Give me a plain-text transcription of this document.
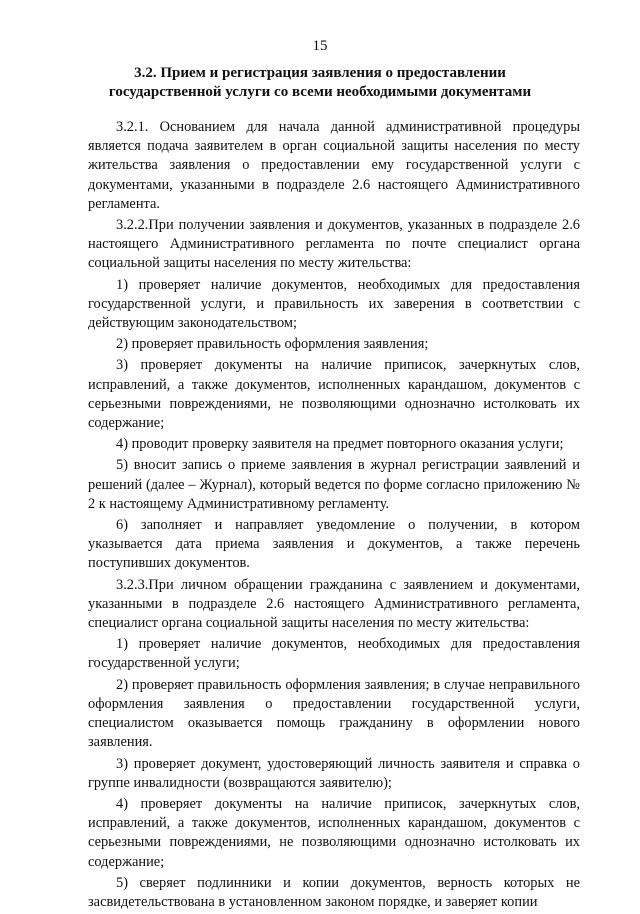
15
3.2. Прием и регистрация заявления о предоставлении
государственной услуги со всеми необходимыми документами

3.2.1. Основанием для начала данной административной процедуры является подача заявителем в орган социальной защиты населения по месту жительства заявления о предоставлении ему государственной услуги с документами, указанными в подразделе 2.6 настоящего Административного регламента.

3.2.2.При получении заявления и документов, указанных в подразделе 2.6 настоящего Административного регламента по почте специалист органа социальной защиты населения по месту жительства:

1) проверяет наличие документов, необходимых для предоставления государственной услуги, и правильность их заверения в соответствии с действующим законодательством;

2) проверяет правильность оформления заявления;

3) проверяет документы на наличие приписок, зачеркнутых слов, исправлений, а также документов, исполненных карандашом, документов с серьезными повреждениями, не позволяющими однозначно истолковать их содержание;

4) проводит проверку заявителя на предмет повторного оказания услуги;

5) вносит запись о приеме заявления в журнал регистрации заявлений и решений (далее – Журнал), который ведется по форме согласно приложению № 2 к настоящему Административному регламенту.

6) заполняет и направляет уведомление о получении, в котором указывается дата приема заявления и документов, а также перечень поступивших документов.

3.2.3.При личном обращении гражданина с заявлением и документами, указанными в подразделе 2.6 настоящего Административного регламента, специалист органа социальной защиты населения по месту жительства:

1) проверяет наличие документов, необходимых для предоставления государственной услуги;

2) проверяет правильность оформления заявления; в случае неправильного оформления заявления о предоставлении государственной услуги, специалистом оказывается помощь гражданину в оформлении нового заявления.

3) проверяет документ, удостоверяющий личность заявителя и справка о группе инвалидности (возвращаются заявителю);

4) проверяет документы на наличие приписок, зачеркнутых слов, исправлений, а также документов, исполненных карандашом, документов с серьезными повреждениями, не позволяющими однозначно истолковать их содержание;

5) сверяет подлинники и копии документов, верность которых не засвидетельствована в установленном законом порядке, и заверяет копии
